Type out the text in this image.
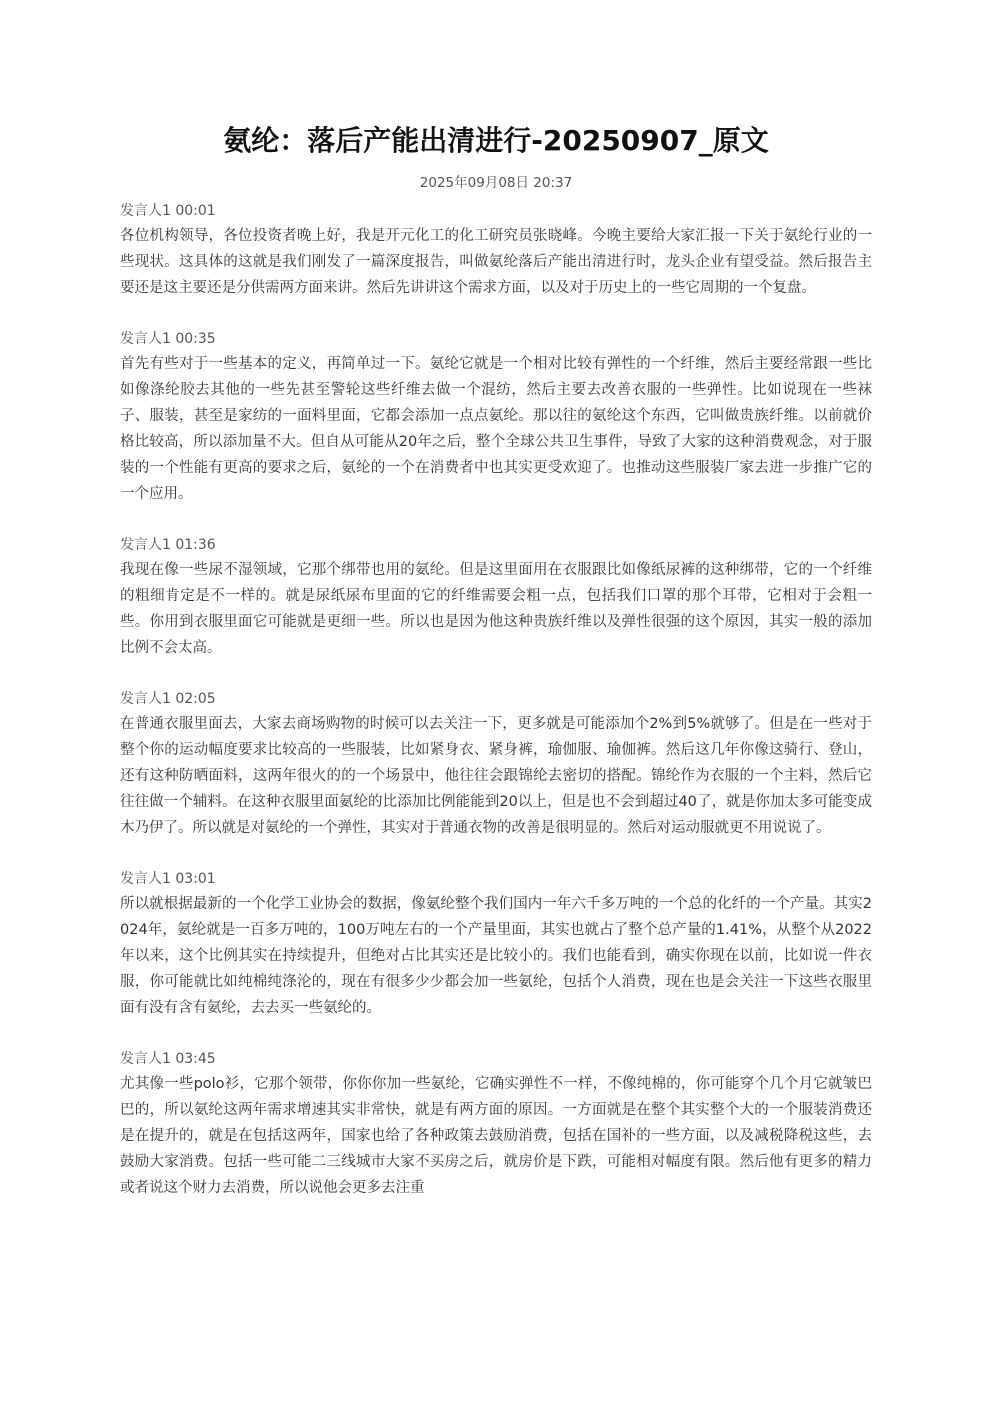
氨纶：落后产能出清进行-20250907_原文
2025年09月08日 20:37
发言人1 00:01

各位机构领导，各位投资者晚上好，我是开元化工的化工研究员张晓峰。今晚主要给大家汇报一下关于氨纶行业的一些现状。这具体的这就是我们刚发了一篇深度报告，叫做氨纶落后产能出清进行时，龙头企业有望受益。然后报告主要还是这主要还是分供需两方面来讲。然后先讲讲这个需求方面，以及对于历史上的一些它周期的一个复盘。

发言人1 00:35

首先有些对于一些基本的定义，再简单过一下。氨纶它就是一个相对比较有弹性的一个纤维，然后主要经常跟一些比如像涤纶胶去其他的一些先甚至警轮这些纤维去做一个混纺，然后主要去改善衣服的一些弹性。比如说现在一些袜子、服装，甚至是家纺的一面料里面，它都会添加一点点氨纶。那以往的氨纶这个东西，它叫做贵族纤维。以前就价格比较高，所以添加量不大。但自从可能从20年之后，整个全球公共卫生事件，导致了大家的这种消费观念，对于服装的一个性能有更高的要求之后，氨纶的一个在消费者中也其实更受欢迎了。也推动这些服装厂家去进一步推广它的一个应用。

发言人1 01:36

我现在像一些尿不湿领域，它那个绑带也用的氨纶。但是这里面用在衣服跟比如像纸尿裤的这种绑带，它的一个纤维的粗细肯定是不一样的。就是尿纸尿布里面的它的纤维需要会粗一点，包括我们口罩的那个耳带，它相对于会粗一些。你用到衣服里面它可能就是更细一些。所以也是因为他这种贵族纤维以及弹性很强的这个原因，其实一般的添加比例不会太高。

发言人1 02:05

在普通衣服里面去，大家去商场购物的时候可以去关注一下，更多就是可能添加个2%到5%就够了。但是在一些对于整个你的运动幅度要求比较高的一些服装，比如紧身衣、紧身裤，瑜伽服、瑜伽裤。然后这几年你像这骑行、登山，还有这种防晒面料，这两年很火的的一个场景中，他往往会跟锦纶去密切的搭配。锦纶作为衣服的一个主料，然后它往往做一个辅料。在这种衣服里面氨纶的比添加比例能能到20以上，但是也不会到超过40了，就是你加太多可能变成木乃伊了。所以就是对氨纶的一个弹性，其实对于普通衣物的改善是很明显的。然后对运动服就更不用说说了。

发言人1 03:01

所以就根据最新的一个化学工业协会的数据，像氨纶整个我们国内一年六千多万吨的一个总的化纤的一个产量。其实2024年，氨纶就是一百多万吨的，100万吨左右的一个产量里面，其实也就占了整个总产量的1.41%，从整个从2022年以来，这个比例其实在持续提升，但绝对占比其实还是比较小的。我们也能看到，确实你现在以前，比如说一件衣服，你可能就比如纯棉纯涤沦的，现在有很多少少都会加一些氨纶，包括个人消费，现在也是会关注一下这些衣服里面有没有含有氨纶，去去买一些氨纶的。

发言人1 03:45

尤其像一些polo衫，它那个领带，你你你加一些氨纶，它确实弹性不一样，不像纯棉的，你可能穿个几个月它就皱巴巴的，所以氨纶这两年需求增速其实非常快，就是有两方面的原因。一方面就是在整个其实整个大的一个服装消费还是在提升的，就是在包括这两年，国家也给了各种政策去鼓励消费，包括在国补的一些方面，以及减税降税这些，去鼓励大家消费。包括一些可能二三线城市大家不买房之后，就房价是下跌，可能相对幅度有限。然后他有更多的精力或者说这个财力去消费，所以说他会更多去注重
